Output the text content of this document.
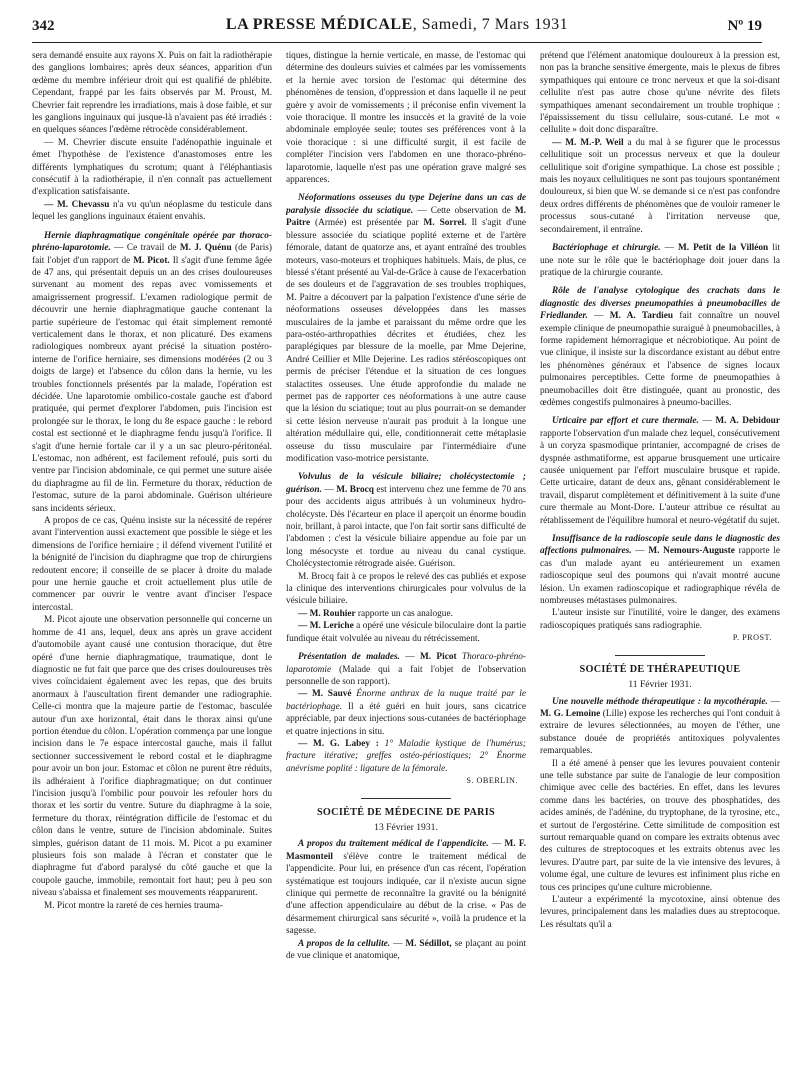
342	LA PRESSE MÉDICALE, Samedi, 7 Mars 1931	Nº 19

sera demandé ensuite aux rayons X. Puis on fait la radiothérapie des ganglions lombaires; après deux séances, apparition d'un œdème du membre inférieur droit qui est qualifié de phlébite. Cependant, frappé par les faits observés par M. Proust, M. Chevrier fait reprendre les irradiations, mais à dose faible, et sur les ganglions inguinaux qui jusque-là n'avaient pas été irradiés : en quelques séances l'œdème rétrocède considérablement.

— M. Chevrier discute ensuite l'adénopathie inguinale et émet l'hypothèse de l'existence d'anastomoses entre les différents lymphatiques du scrotum; quant à l'éléphantiasis consécutif à la radiothérapie, il n'en connaît pas actuellement d'explication satisfaisante.

— M. Chevassu n'a vu qu'un néoplasme du testicule dans lequel les ganglions inguinaux étaient envahis.

Hernie diaphragmatique congénitale opérée par thoraco-phréno-laparotomie. — Ce travail de M. J. Quénu (de Paris) fait l'objet d'un rapport de M. Picot. Il s'agit d'une femme âgée de 47 ans, qui présentait depuis un an des crises douloureuses survenant au moment des repas avec vomissements et amaigrissement progressif. L'examen radiologique permit de découvrir une hernie diaphragmatique gauche contenant la partie supérieure de l'estomac qui était simplement remonté verticalement dans le thorax, et non plicaturé. Des examens radiologiques nombreux ayant précisé la situation postéro-interne de l'orifice herniaire, ses dimensions modérées (2 ou 3 doigts de large) et l'absence du côlon dans la hernie, vu les troubles fonctionnels présentés par la malade, l'opération est décidée. Une laparotomie ombilico-costale gauche est d'abord pratiquée, qui permet d'explorer l'abdomen, puis l'incision est prolongée sur le thorax, le long du 8e espace gauche : le rebord costal est sectionné et le diaphragme fendu jusqu'à l'orifice. Il s'agit d'une hernie fortale car il y a un sac pleuro-péritonéal. L'estomac, non adhérent, est facilement refoulé, puis sorti du ventre par l'incision abdominale, ce qui permet une suture aisée du diaphragme au fil de lin. Fermeture du thorax, réduction de l'estomac, suture de la paroi abdominale. Guérison ultérieure sans incidents sérieux.

A propos de ce cas, Quénu insiste sur la nécessité de repérer avant l'intervention aussi exactement que possible le siège et les dimensions de l'orifice herniaire ; il défend vivement l'utilité et la bénignité de l'incision du diaphragme que trop de chirurgiens redoutent encore; il conseille de se placer à droite du malade pour une hernie gauche et croit actuellement plus utile de commencer par ouvrir le ventre avant d'inciser l'espace intercostal.

M. Picot ajoute une observation personnelle qui concerne un homme de 41 ans, lequel, deux ans après un grave accident d'automobile ayant causé une contusion thoracique, dut être opéré d'une hernie diaphragmatique, traumatique, dont le diagnostic ne fut fait que parce que des crises douloureuses très vives coïncidaient également avec les repas, que des bruits anormaux à l'auscultation firent demander une radiographie. Celle-ci montra que la majeure partie de l'estomac, basculée autour d'un axe horizontal, était dans le thorax ainsi qu'une portion étendue du côlon. L'opération commença par une longue incision dans le 7e espace intercostal gauche, mais il fallut sectionner successivement le rebord costal et le diaphragme pour avoir un bon jour. Estomac et côlon ne purent être réduits, ils adhéraient à l'orifice diaphragmatique; on dut continuer l'incision jusqu'à l'ombilic pour pouvoir les refouler hors du thorax et les sortir du ventre. Suture du diaphragme à la soie, fermeture du thorax, réintégration difficile de l'estomac et du côlon dans le ventre, suture de l'incision abdominale. Suites simples, guérison datant de 11 mois. M. Picot a pu examiner plusieurs fois son malade à l'écran et constater que le diaphragme fut d'abord paralysé du côté gauche et que la coupole gauche, immobile, remontait fort haut; peu à peu son niveau s'abaissa et finalement ses mouvements réapparurent.

M. Picot montre la rareté de ces hernies trauma-

tiques, distingue la hernie verticale, en masse, de l'estomac qui détermine des douleurs suivies et calmées par les vomissements et la hernie avec torsion de l'estomac qui détermine des phénomènes de tension, d'oppression et dans laquelle il ne peut guère y avoir de vomissements ; il préconise enfin vivement la voie thoracique. Il montre les insuccès et la gravité de la voie abdominale employée seule; toutes ses préférences vont à la voie thoracique : si une difficulté surgit, il est facile de compléter l'incision vers l'abdomen en une thoraco-phréno-laparotomie, laquelle n'est pas une opération grave malgré ses apparences.

Néoformations osseuses du type Dejerine dans un cas de paralysie dissociée du sciatique. — Cette observation de M. Paitre (Armée) est présentée par M. Sorrel. Il s'agit d'une blessure associée du sciatique poplité externe et de l'artère fémorale, datant de quatorze ans, et ayant entraîné des troubles moteurs, vaso-moteurs et trophiques habituels. Mais, de plus, ce blessé s'étant présenté au Val-de-Grâce à cause de l'exacerbation de ses douleurs et de l'aggravation de ses troubles trophiques, M. Paitre a découvert par la palpation l'existence d'une série de néoformations osseuses développées dans les masses musculaires de la jambe et paraissant du même ordre que les para-ostéo-arthropathies décrites et étudiées, chez les paraplégiques par blessure de la moelle, par Mme Dejerine, André Ceillier et Mlle Dejerine. Les radios stéréoscopiques ont permis de préciser l'étendue et la situation de ces longues stalactites osseuses. Une étude approfondie du malade ne permet pas de rapporter ces néoformations à une autre cause que la lésion du sciatique; tout au plus pourrait-on se demander si cette lésion nerveuse n'aurait pas produit à la longue une altération médullaire qui, elle, conditionnerait cette métaplasie osseuse du tissu musculaire par l'intermédiaire d'une modification vaso-motrice persistante.

Volvulus de la vésicule biliaire; cholécystectomie ; guérison. — M. Brocq est intervenu chez une femme de 70 ans pour des accidents aigus attribués à un volumineux hydro-cholécyste. Dès l'écarteur en place il aperçoit un énorme boudin noir, brillant, à paroi intacte, que l'on fait sortir sans difficulté de l'abdomen : c'est la vésicule biliaire appendue au foie par un long mésocyste et tordue au niveau du canal cystique. Cholécystectomie rétrograde aisée. Guérison.

M. Brocq fait à ce propos le relevé des cas publiés et expose la clinique des interventions chirurgicales pour volvulus de la vésicule biliaire.

— M. Rouhier rapporte un cas analogue.

— M. Leriche a opéré une vésicule biloculaire dont la partie fundique était volvulée au niveau du rétrécissement.

Présentation de malades. — M. Picot Thoraco-phréno-laparotomie (Malade qui a fait l'objet de l'observation personnelle de son rapport).

— M. Sauvé Énorme anthrax de la nuque traité par le bactériophage. Il a été guéri en huit jours, sans cicatrice appréciable, par deux injections sous-cutanées de bactériophage et quatre injections in situ.

— M. G. Labey : 1° Maladie kystique de l'humérus; fracture itérative; greffes ostéo-périostiques; 2° Énorme anévrisme poplité : ligature de la fémorale.

S. OBERLIN.
SOCIÉTÉ DE MÉDECINE DE PARIS
13 Février 1931.

A propos du traitement médical de l'appendicite. — M. F. Masmonteil s'élève contre le traitement médical de l'appendicite. Pour lui, en présence d'un cas récent, l'opération systématique est toujours indiquée, car il n'existe aucun signe clinique qui permette de reconnaître la gravité ou la bénignité d'une affection appendiculaire au début de la crise. « Pas de désarmement chirurgical sans sécurité », voilà la prudence et la sagesse.

A propos de la cellulite. — M. Sédillot, se plaçant au point de vue clinique et anatomique,

prétend que l'élément anatomique douloureux à la pression est, non pas la branche sensitive émergente, mais le plexus de fibres sympathiques qui entoure ce tronc nerveux et que la soi-disant cellulite n'est pas autre chose qu'une névrite des filets sympathiques amenant secondairement un trouble trophique : l'épaississement du tissu cellulaire, sous-cutané. Le mot « cellulite » doit donc disparaître.

— M. M.-P. Weil a du mal à se figurer que le processus cellulitique soit un processus nerveux et que la douleur cellulitique soit d'origine sympathique. La chose est possible ; mais les noyaux cellulitiques ne sont pas toujours spontanément douloureux, si bien que W. se demande si ce n'est pas confondre deux ordres différents de phénomènes que de vouloir ramener le processus sous-cutané à l'irritation nerveuse que, secondairement, il entraîne.

Bactériophage et chirurgie. — M. Petit de la Villéon lit une note sur le rôle que le bactériophage doit jouer dans la pratique de la chirurgie courante.

Rôle de l'analyse cytologique des crachats dans le diagnostic des diverses pneumopathies à pneumobacilles de Friedlander. — M. A. Tardieu fait connaître un nouvel exemple clinique de pneumopathie suraiguë à pneumobacilles, à forme rapidement hémorragique et nécrobiotique. Au point de vue clinique, il insiste sur la discordance existant au début entre les phénomènes généraux et l'absence de signes locaux pulmonaires perceptibles. Cette forme de pneumopathies à pneumobacilles doit être distinguée, quant au pronostic, des œdèmes congestifs pulmonaires à pneumo-bacilles.

Urticaire par effort et cure thermale. — M. A. Debidour rapporte l'observation d'un malade chez lequel, consécutivement à un coryza spasmodique printanier, accompagné de crises de dyspnée asthmatiforme, est apparue brusquement une urticaire causée uniquement par l'effort musculaire brusque et rapide. Cette urticaire, datant de deux ans, gênant considérablement le travail, disparut complètement et définitivement à la suite d'une cure thermale au Mont-Dore. L'auteur attribue ce résultat au rétablissement de l'équilibre humoral et neuro-végétatif du sujet.

Insuffisance de la radioscopie seule dans le diagnostic des affections pulmonaires. — M. Nemours-Auguste rapporte le cas d'un malade ayant eu antérieurement un examen radioscopique seul des poumons qui n'avait montré aucune lésion. Un examen radioscopique et radiographique révéla de nombreuses métastases pulmonaires.

L'auteur insiste sur l'inutilité, voire le danger, des examens radioscopiques pratiqués sans radiographie.

P. PROST.
SOCIÉTÉ DE THÉRAPEUTIQUE
11 Février 1931.

Une nouvelle méthode thérapeutique : la mycothérapie. — M. G. Lemoine (Lille) expose les recherches qui l'ont conduit à extraire de levures sélectionnées, au moyen de l'éther, une substance douée de propriétés antitoxiques polyvalentes remarquables.

Il a été amené à penser que les levures pouvaient contenir une telle substance par suite de l'analogie de leur composition chimique avec celle des bactéries. En effet, dans les levures comme dans les bactéries, on trouve des phosphatides, des acides aminés, de l'adénine, du tryptophane, de la tyrosine, etc., et surtout de l'ergostérine. Cette similitude de composition est surtout remarquable quand on compare les extraits obtenus avec des cultures de streptocoques et les extraits obtenus avec les levures. D'autre part, par suite de la vie intensive des levures, à volume égal, une culture de levures est infiniment plus riche en tous ces principes qu'une culture microbienne.

L'auteur a expérimenté la mycotoxine, ainsi obtenue des levures, principalement dans les maladies dues au streptocoque. Les résultats qu'il a
